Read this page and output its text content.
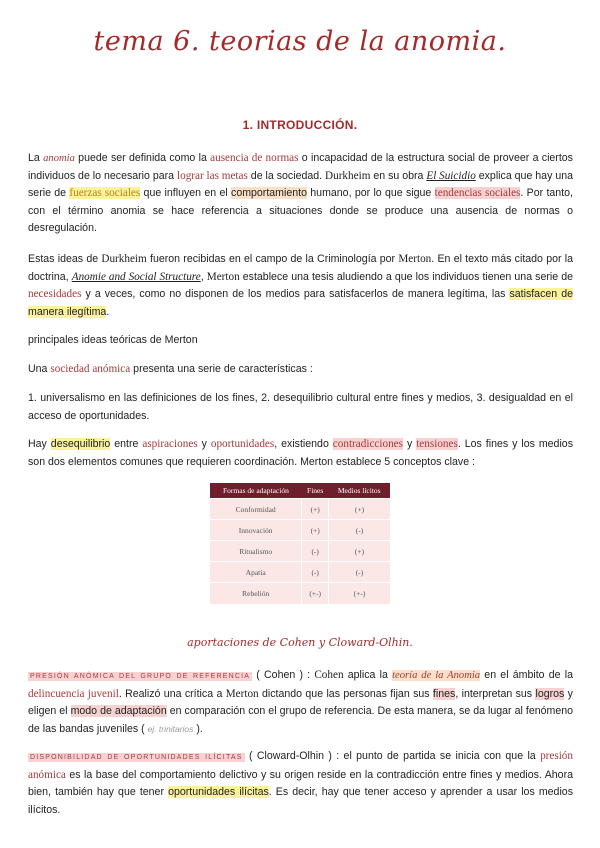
tema 6. teorias de la anomia.
1. INTRODUCCIÓN.
La anomia puede ser definida como la ausencia de normas o incapacidad de la estructura social de proveer a ciertos individuos de lo necesario para lograr las metas de la sociedad. Durkheim en su obra El Suicidio explica que hay una serie de fuerzas sociales que influyen en el comportamiento humano, por lo que sigue tendencias sociales. Por tanto, con el término anomia se hace referencia a situaciones donde se produce una ausencia de normas o desregulación.
Estas ideas de Durkheim fueron recibidas en el campo de la Criminología por Merton. En el texto más citado por la doctrina, Anomie and Social Structure, Merton establece una tesis aludiendo a que los individuos tienen una serie de necesidades y a veces, como no disponen de los medios para satisfacerlos de manera legítima, las satisfacen de manera ilegítima.
principales ideas teóricas de Merton
Una sociedad anómica presenta una serie de características :
1. universalismo en las definiciones de los fines, 2. desequilibrio cultural entre fines y medios, 3. desigualdad en el acceso de oportunidades.
Hay desequilibrio entre aspiraciones y oportunidades, existiendo contradicciones y tensiones. Los fines y los medios son dos elementos comunes que requieren coordinación. Merton establece 5 conceptos clave :
Formas de adaptación	Fines	Medios lícitos
Conformidad	(+)	(+)
Innovación	(+)	(-)
Ritualismo	(-)	(+)
Apatía	(-)	(-)
Rebelión	(+-)	(+-)
aportaciones de Cohen y Cloward-Olhin.
PRESIÓN ANÓMICA DEL GRUPO DE REFERENCIA ( Cohen ) : Cohen aplica la teoría de la Anomia en el ámbito de la delincuencia juvenil. Realizó una crítica a Merton dictando que las personas fijan sus fines, interpretan sus logros y eligen el modo de adaptación en comparación con el grupo de referencia. De esta manera, se da lugar al fenómeno de las bandas juveniles ( ej. trinitarios ).
DISPONIBILIDAD DE OPORTUNIDADES ILÍCITAS ( Cloward-Olhin ) : el punto de partida se inicia con que la presión anómica es la base del comportamiento delictivo y su origen reside en la contradicción entre fines y medios. Ahora bien, también hay que tener oportunidades ilícitas. Es decir, hay que tener acceso y aprender a usar los medios ilícitos.
